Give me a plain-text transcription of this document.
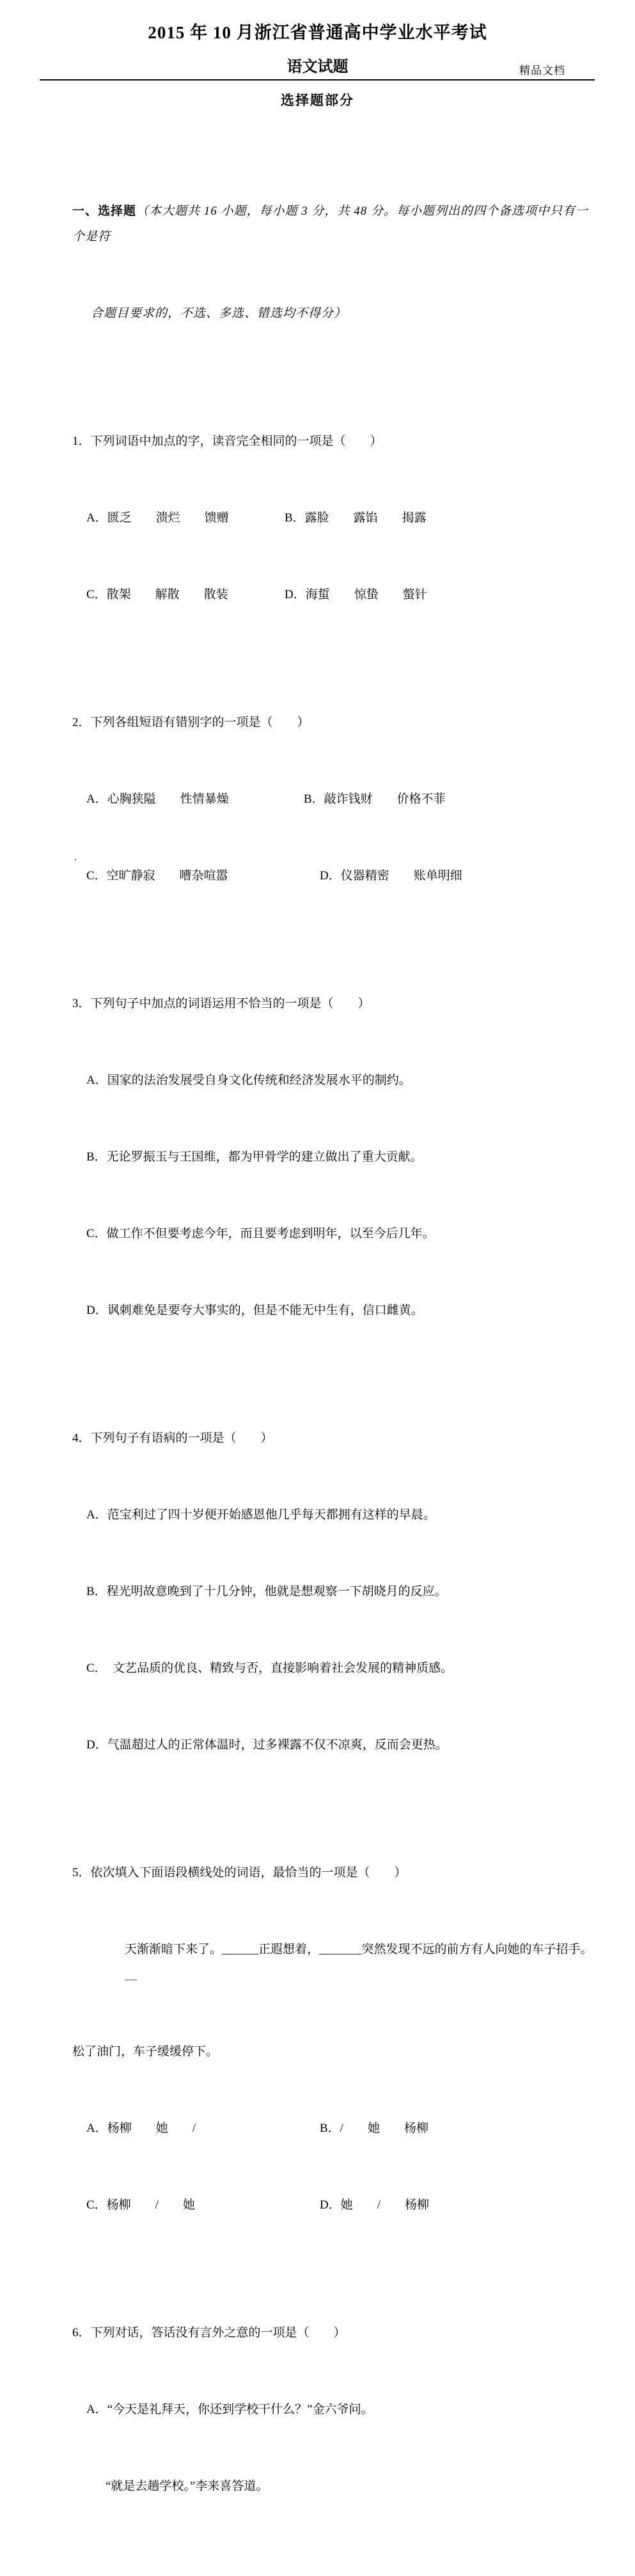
精品文档
2015 年 10 月浙江省普通高中学业水平考试
语文试题
选择题部分

一、选择题（本大题共 16 小题，每小题 3 分，共 48 分。每小题列出的四个备选项中只有一个是符

合题目要求的，不选、多选、错选均不得分）

1．下列词语中加点的字，读音完全相同的一项是（　　）

A．匮乏　　溃烂　　馈赠	B．露脸　　露馅　　揭露

C．散架　　解散　　散装	D．海蜇　　惊蛰　　螫针

2．下列各组短语有错别字的一项是（　　）

A．心胸狭隘　　性情暴燥	B．敲诈钱财　　价格不菲

C．空旷静寂　　嘈杂喧嚣	D．仪器精密　　账单明细

3．下列句子中加点的词语运用不恰当的一项是（　　）

A．国家的法治发展受自身文化传统和经济发展水平的制约。

B．无论罗振玉与王国维，都为甲骨学的建立做出了重大贡献。

C．做工作不但要考虑今年，而且要考虑到明年，以至今后几年。

D．讽刺难免是要夸大事实的，但是不能无中生有，信口雌黄。

4．下列句子有语病的一项是（　　）

A．范宝利过了四十岁便开始感恩他几乎每天都拥有这样的早晨。

B．程光明故意晚到了十几分钟，他就是想观察一下胡晓月的反应。

C．  文艺品质的优良、精致与否，直接影响着社会发展的精神质感。

D．气温超过人的正常体温时，过多裸露不仅不凉爽，反而会更热。

5．依次填入下面语段横线处的词语，最恰当的一项是（　　）

天渐渐暗下来了。______正遐想着，_______突然发现不远的前方有人向她的车子招手。＿

松了油门，车子缓缓停下。

A．杨柳　　她　　/	B．/　　她　　杨柳

C．杨柳　　/　　她	D．她　　/　　杨柳

6．下列对话，答话没有言外之意的一项是（　　）

A．“今天是礼拜天，你还到学校干什么？”金六爷问。

“就是去趟学校。”李来喜答道。

.
